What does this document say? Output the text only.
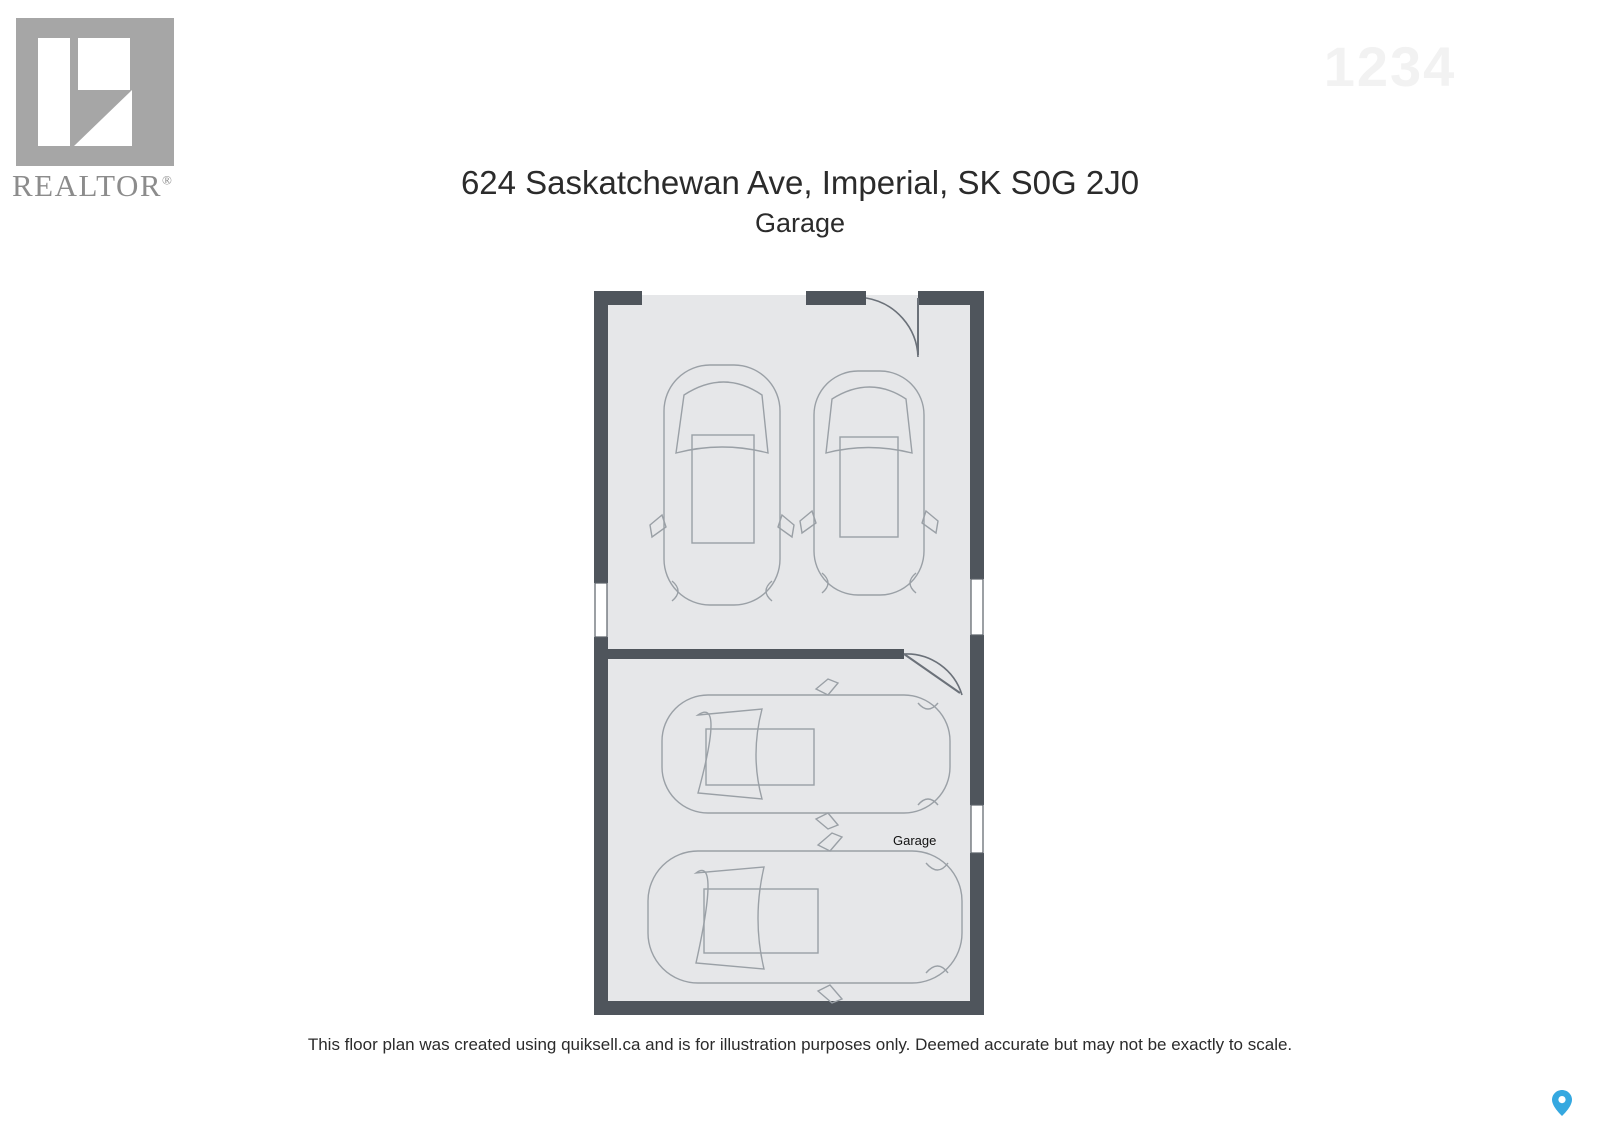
REALTOR®
1234
624 Saskatchewan Ave, Imperial, SK S0G 2J0
Garage
Garage
This floor plan was created using quiksell.ca and is for illustration purposes only. Deemed accurate but may not be exactly to scale.
